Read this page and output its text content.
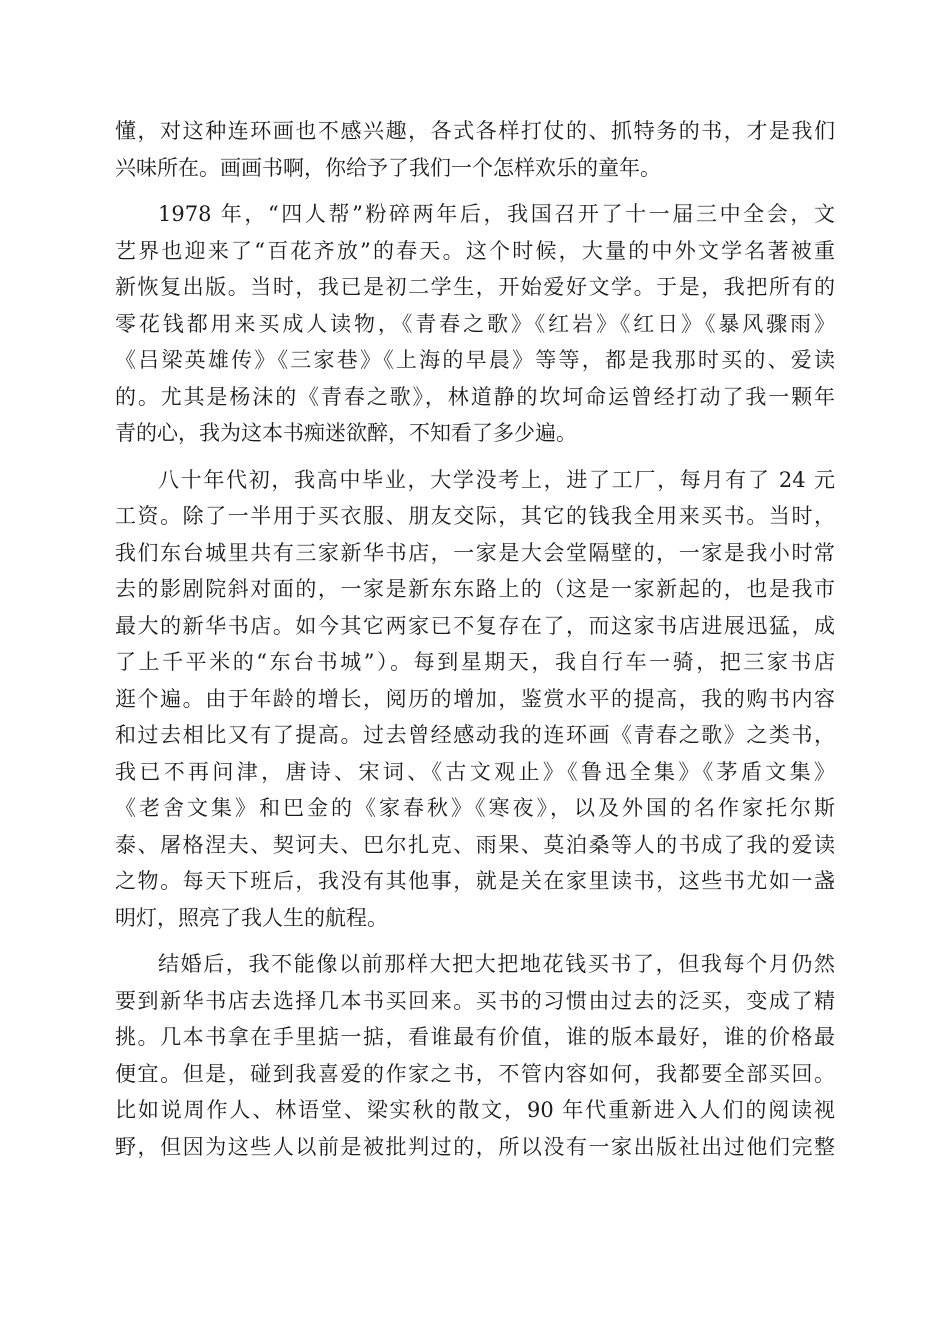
懂，对这种连环画也不感兴趣，各式各样打仗的、抓特务的书，才是我们
兴味所在。画画书啊，你给予了我们一个怎样欢乐的童年。
1978 年，“四人帮”粉碎两年后，我国召开了十一届三中全会，文
艺界也迎来了“百花齐放”的春天。这个时候，大量的中外文学名著被重
新恢复出版。当时，我已是初二学生，开始爱好文学。于是，我把所有的
零花钱都用来买成人读物，《青春之歌》《红岩》《红日》《暴风骤雨》
《吕梁英雄传》《三家巷》《上海的早晨》等等，都是我那时买的、爱读
的。尤其是杨沫的《青春之歌》，林道静的坎坷命运曾经打动了我一颗年
青的心，我为这本书痴迷欲醉，不知看了多少遍。
八十年代初，我高中毕业，大学没考上，进了工厂，每月有了 24 元
工资。除了一半用于买衣服、朋友交际，其它的钱我全用来买书。当时，
我们东台城里共有三家新华书店，一家是大会堂隔壁的，一家是我小时常
去的影剧院斜对面的，一家是新东东路上的（这是一家新起的，也是我市
最大的新华书店。如今其它两家已不复存在了，而这家书店进展迅猛，成
了上千平米的“东台书城”）。每到星期天，我自行车一骑，把三家书店
逛个遍。由于年龄的增长，阅历的增加，鉴赏水平的提高，我的购书内容
和过去相比又有了提高。过去曾经感动我的连环画《青春之歌》之类书，
我已不再问津，唐诗、宋词、《古文观止》《鲁迅全集》《茅盾文集》
《老舍文集》和巴金的《家春秋》《寒夜》，以及外国的名作家托尔斯
泰、屠格涅夫、契诃夫、巴尔扎克、雨果、莫泊桑等人的书成了我的爱读
之物。每天下班后，我没有其他事，就是关在家里读书，这些书尤如一盏
明灯，照亮了我人生的航程。
结婚后，我不能像以前那样大把大把地花钱买书了，但我每个月仍然
要到新华书店去选择几本书买回来。买书的习惯由过去的泛买，变成了精
挑。几本书拿在手里掂一掂，看谁最有价值，谁的版本最好，谁的价格最
便宜。但是，碰到我喜爱的作家之书，不管内容如何，我都要全部买回。
比如说周作人、林语堂、梁实秋的散文，90 年代重新进入人们的阅读视
野，但因为这些人以前是被批判过的，所以没有一家出版社出过他们完整
